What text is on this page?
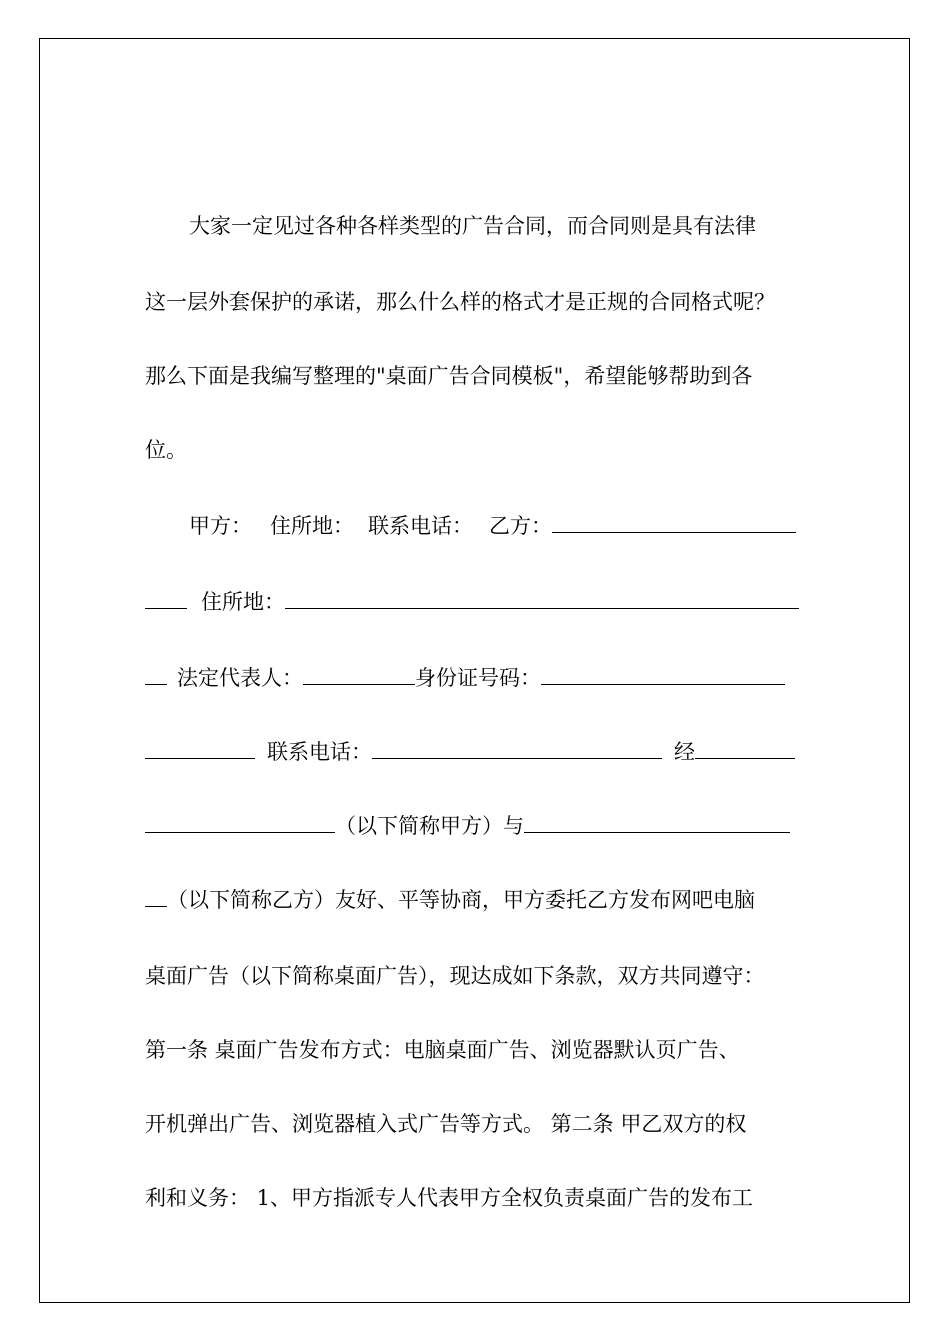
大家一定见过各种各样类型的广告合同，而合同则是具有法律
这一层外套保护的承诺，那么什么样的格式才是正规的合同格式呢？
那么下面是我编写整理的"桌面广告合同模板"，希望能够帮助到各
位。
甲方： 住所地： 联系电话： 乙方：
住所地：
法定代表人：	身份证号码：
联系电话：	经
（以下简称甲方）与
（以下简称乙方）友好、平等协商，甲方委托乙方发布网吧电脑
桌面广告（以下简称桌面广告），现达成如下条款，双方共同遵守：
第一条 桌面广告发布方式：电脑桌面广告、浏览器默认页广告、
开机弹出广告、浏览器植入式广告等方式。 第二条 甲乙双方的权
利和义务： 1、甲方指派专人代表甲方全权负责桌面广告的发布工
